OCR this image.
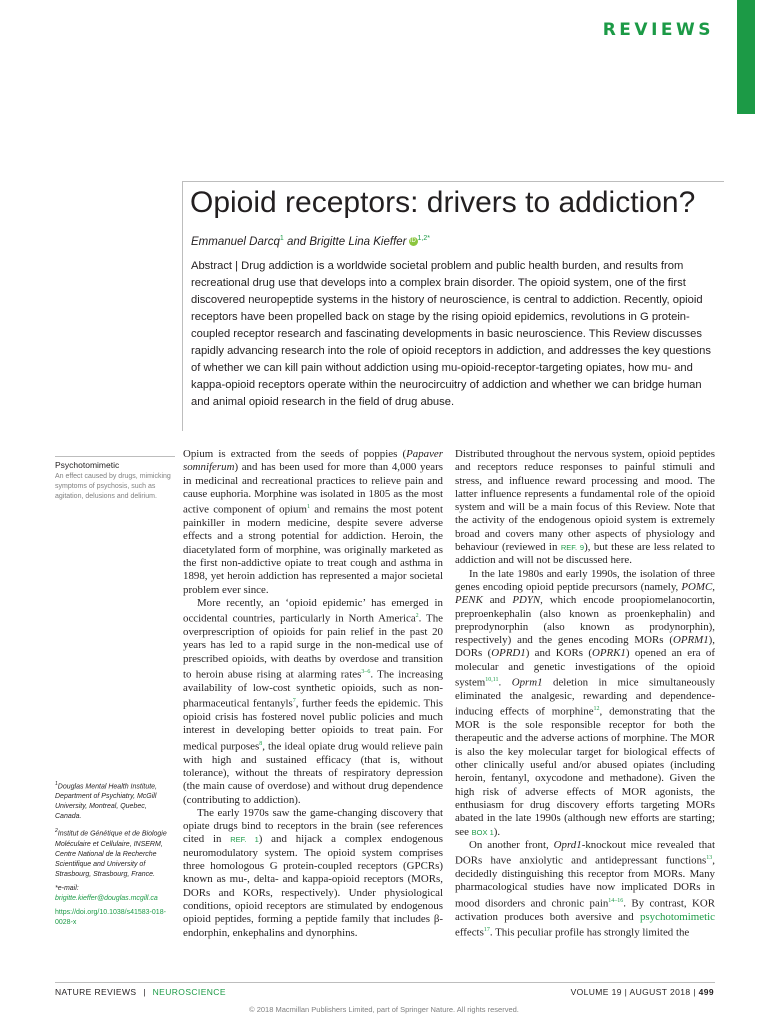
REVIEWS
Opioid receptors: drivers to addiction?
Emmanuel Darcq$^1$ and Brigitte Lina Kieffer iD $^{1,2*}$

Abstract | Drug addiction is a worldwide societal problem and public health burden, and results from recreational drug use that develops into a complex brain disorder. The opioid system, one of the first discovered neuropeptide systems in the history of neuroscience, is central to addiction. Recently, opioid receptors have been propelled back on stage by the rising opioid epidemics, revolutions in G protein-coupled receptor research and fascinating developments in basic neuroscience. This Review discusses rapidly advancing research into the role of opioid receptors in addiction, and addresses the key questions of whether we can kill pain without addiction using mu-opioid-receptor-targeting opiates, how mu- and kappa-opioid receptors operate within the neurocircuitry of addiction and whether we can bridge human and animal opioid research in the field of drug abuse.

Psychotomimetic
An effect caused by drugs, mimicking symptoms of psychosis, such as agitation, delusions and delirium.

$^1$Douglas Mental Health Institute, Department of Psychiatry, McGill University, Montreal, Quebec, Canada.

$^2$Institut de Génétique et de Biologie Moléculaire et Cellulaire, INSERM, Centre National de la Recherche Scientifique and University of Strasbourg, Strasbourg, France.

*e-mail: brigitte.kieffer@douglas.mcgill.ca

https://doi.org/10.1038/s41583-018-0028-x

Opium is extracted from the seeds of poppies (Papaver somniferum) and has been used for more than 4,000 years in medicinal and recreational practices to relieve pain and cause euphoria. Morphine was isolated in 1805 as the most active component of opium$^1$ and remains the most potent painkiller in modern medicine, despite severe adverse effects and a strong potential for addiction. Heroin, the diacetylated form of morphine, was originally marketed as the first non-addictive opiate to treat cough and asthma in 1898, yet heroin addiction has represented a major societal problem ever since.

More recently, an ‘opioid epidemic’ has emerged in occidental countries, particularly in North America$^2$. The overprescription of opioids for pain relief in the past 20 years has led to a rapid surge in the non-medical use of prescribed opioids, with deaths by overdose and transition to heroin abuse rising at alarming rates$^{3-6}$. The increasing availability of low-cost synthetic opioids, such as non-pharmaceutical fentanyls$^7$, further feeds the epidemic. This opioid crisis has fostered novel public policies and much interest in developing better opioids to treat pain. For medical purposes$^8$, the ideal opiate drug would relieve pain with high and sustained efficacy (that is, without tolerance), without the threats of respiratory depression (the main cause of overdose) and without drug dependence (contributing to addiction).

The early 1970s saw the game-changing discovery that opiate drugs bind to receptors in the brain (see references cited in REF. 1) and hijack a complex endogenous neuromodulatory system. The opioid system comprises three homologous G protein-coupled receptors (GPCRs) known as mu-, delta- and kappa-opioid receptors (MORs, DORs and KORs, respectively). Under physiological conditions, opioid receptors are stimulated by endogenous opioid peptides, forming a peptide family that includes β-endorphin, enkephalins and dynorphins.

Distributed throughout the nervous system, opioid peptides and receptors reduce responses to painful stimuli and stress, and influence reward processing and mood. The latter influence represents a fundamental role of the opioid system and will be a main focus of this Review. Note that the activity of the endogenous opioid system is extremely broad and covers many other aspects of physiology and behaviour (reviewed in REF. 9), but these are less related to addiction and will not be discussed here.

In the late 1980s and early 1990s, the isolation of three genes encoding opioid peptide precursors (namely, POMC, PENK and PDYN, which encode proopiomelanocortin, preproenkephalin (also known as proenkephalin) and preprodynorphin (also known as prodynorphin), respectively) and the genes encoding MORs (OPRM1), DORs (OPRD1) and KORs (OPRK1) opened an era of molecular and genetic investigations of the opioid system$^{10,11}$. Oprm1 deletion in mice simultaneously eliminated the analgesic, rewarding and dependence-inducing effects of morphine$^{12}$, demonstrating that the MOR is the sole responsible receptor for both the therapeutic and the adverse actions of morphine. The MOR is also the key molecular target for biological effects of other clinically useful and/or abused opiates (including heroin, fentanyl, oxycodone and methadone). Given the high risk of adverse effects of MOR agonists, the enthusiasm for drug discovery efforts targeting MORs abated in the late 1990s (although new efforts are starting; see BOX 1).

On another front, Oprd1-knockout mice revealed that DORs have anxiolytic and antidepressant functions$^{13}$, decidedly distinguishing this receptor from MORs. Many pharmacological studies have now implicated DORs in mood disorders and chronic pain$^{14-16}$. By contrast, KOR activation produces both aversive and psychotomimetic effects$^{17}$. This peculiar profile has strongly limited the

NATURE REVIEWS | NEUROSCIENCE	VOLUME 19 | AUGUST 2018 | 499
© 2018 Macmillan Publishers Limited, part of Springer Nature. All rights reserved.
